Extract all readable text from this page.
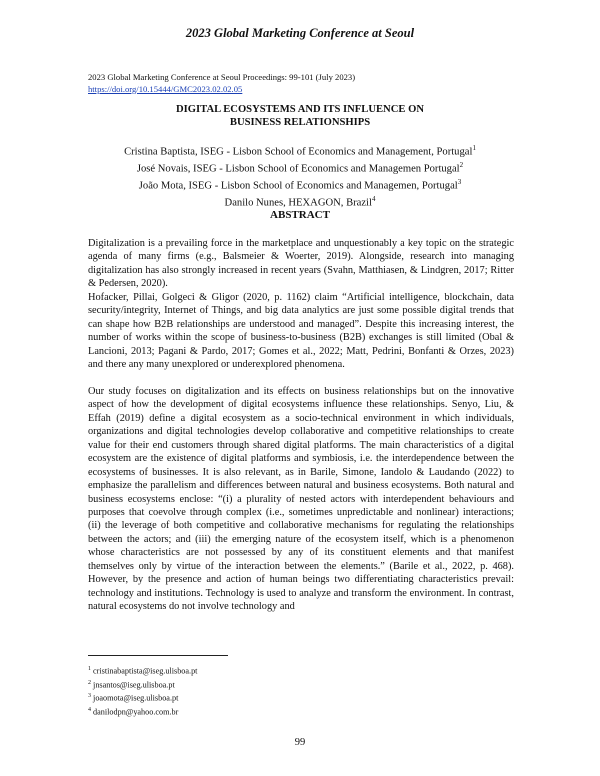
2023 Global Marketing Conference at Seoul
2023 Global Marketing Conference at Seoul Proceedings: 99-101 (July 2023)
https://doi.org/10.15444/GMC2023.02.02.05
DIGITAL ECOSYSTEMS AND ITS INFLUENCE ON
BUSINESS RELATIONSHIPS
Cristina Baptista, ISEG - Lisbon School of Economics and Management, Portugal$^1$
José Novais, ISEG - Lisbon School of Economics and Managemen Portugal$^2$
João Mota, ISEG - Lisbon School of Economics and Managemen, Portugal$^3$
Danilo Nunes, HEXAGON, Brazil$^4$
ABSTRACT

Digitalization is a prevailing force in the marketplace and unquestionably a key topic on the strategic agenda of many firms (e.g., Balsmeier & Woerter, 2019). Alongside, research into managing digitalization has also strongly increased in recent years (Svahn, Matthiasen, & Lindgren, 2017; Ritter & Pedersen, 2020).

Hofacker, Pillai, Golgeci & Gligor (2020, p. 1162) claim “Artificial intelligence, blockchain, data security/integrity, Internet of Things, and big data analytics are just some possible digital trends that can shape how B2B relationships are understood and managed”. Despite this increasing interest, the number of works within the scope of business-to-business (B2B) exchanges is still limited (Obal & Lancioni, 2013; Pagani & Pardo, 2017; Gomes et al., 2022; Matt, Pedrini, Bonfanti & Orzes, 2023) and there any many unexplored or underexplored phenomena.

Our study focuses on digitalization and its effects on business relationships but on the innovative aspect of how the development of digital ecosystems influence these relationships. Senyo, Liu, & Effah (2019) define a digital ecosystem as a socio-technical environment in which individuals, organizations and digital technologies develop collaborative and competitive relationships to create value for their end customers through shared digital platforms. The main characteristics of a digital ecosystem are the existence of digital platforms and symbiosis, i.e. the interdependence between the ecosystems of businesses. It is also relevant, as in Barile, Simone, Iandolo & Laudando (2022) to emphasize the parallelism and differences between natural and business ecosystems. Both natural and business ecosystems enclose: “(i) a plurality of nested actors with interdependent behaviours and purposes that coevolve through complex (i.e., sometimes unpredictable and nonlinear) interactions; (ii) the leverage of both competitive and collaborative mechanisms for regulating the relationships between the actors; and (iii) the emerging nature of the ecosystem itself, which is a phenomenon whose characteristics are not possessed by any of its constituent elements and that manifest themselves only by virtue of the interaction between the elements.” (Barile et al., 2022, p. 468). However, by the presence and action of human beings two differentiating characteristics prevail: technology and institutions. Technology is used to analyze and transform the environment. In contrast, natural ecosystems do not involve technology and

$^1$ cristinabaptista@iseg.ulisboa.pt
$^2$ jnsantos@iseg.ulisboa.pt
$^3$ joaomota@iseg.ulisboa.pt
$^4$ danilodpn@yahoo.com.br
99
